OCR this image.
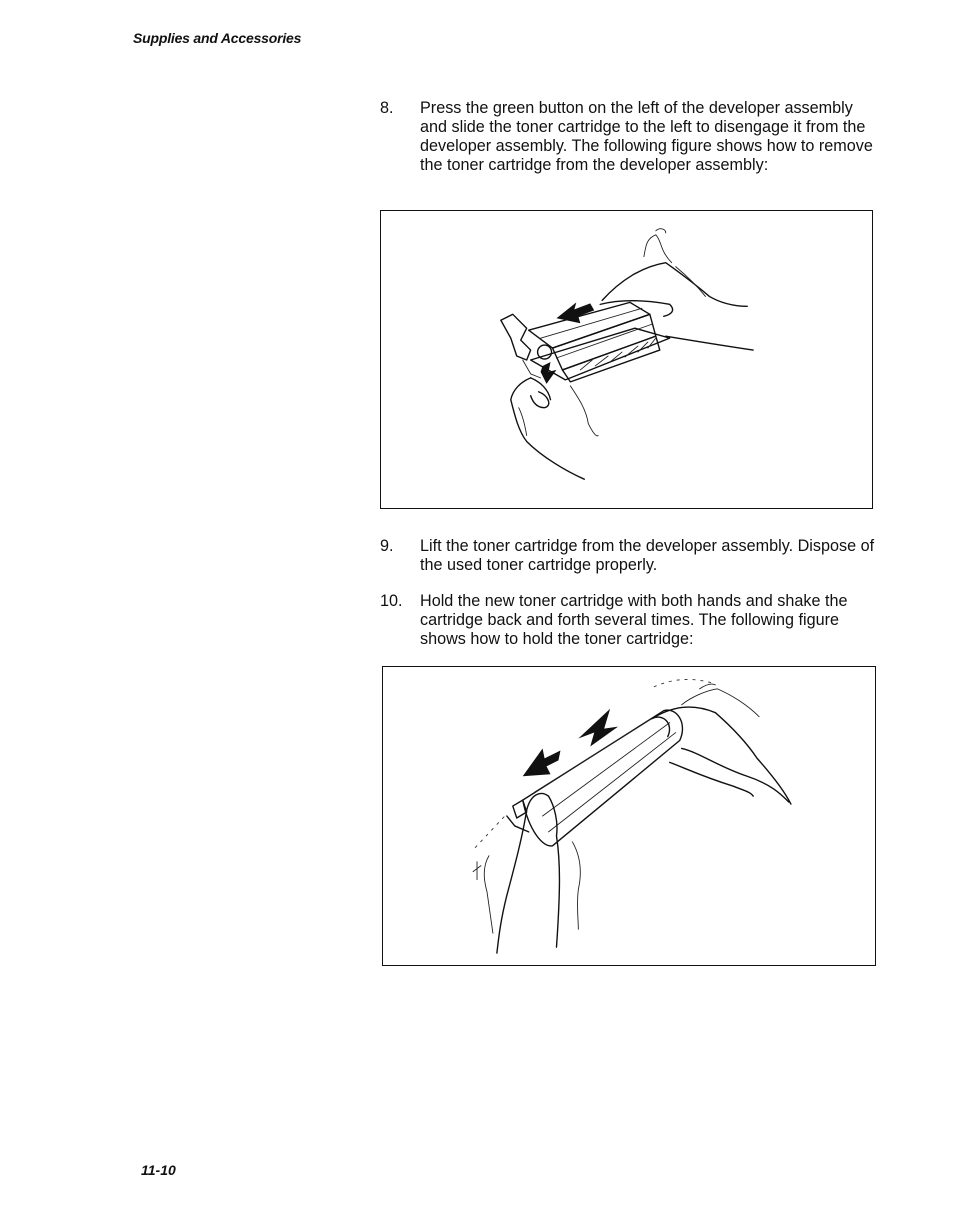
Supplies and Accessories
8. Press the green button on the left of the developer assembly and slide the toner cartridge to the left to disengage it from the developer assembly. The following figure shows how to remove the toner cartridge from the developer assembly:
9. Lift the toner cartridge from the developer assembly. Dispose of the used toner cartridge properly.
10. Hold the new toner cartridge with both hands and shake the cartridge back and forth several times. The following figure shows how to hold the toner cartridge:
11-10
